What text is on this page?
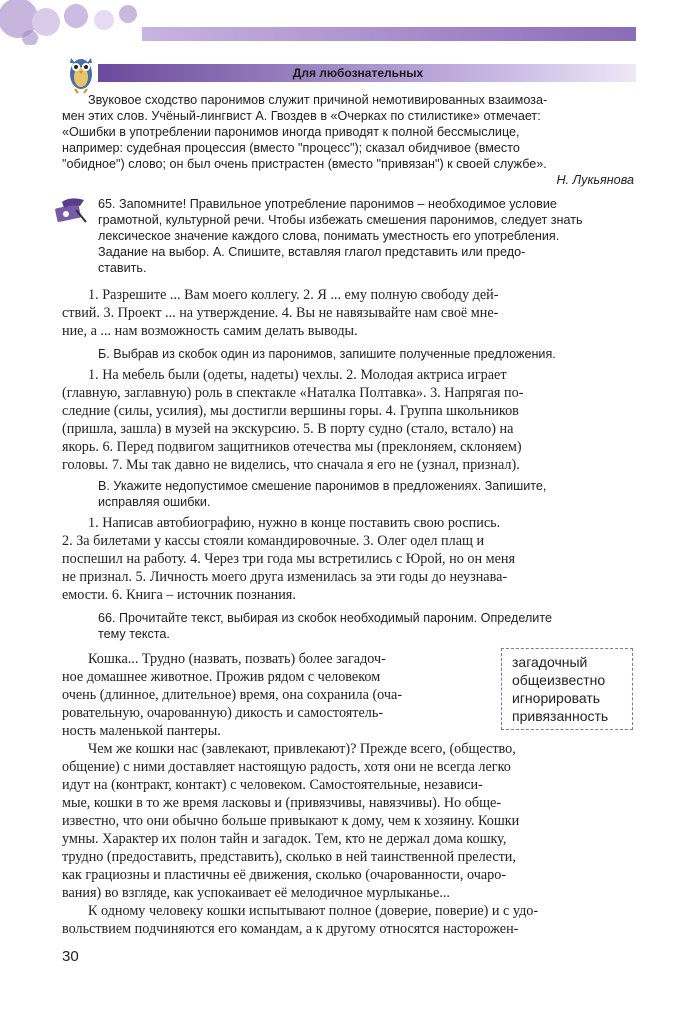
Для любознательных

Звуковое сходство паронимов служит причиной немотивированных взаимоза-

мен этих слов. Учёный-лингвист А. Гвоздев в «Очерках по стилистике» отмечает:

«Ошибки в употреблении паронимов иногда приводят к полной бессмыслице,

например: судебная процессия (вместо "процесс"); сказал обидчивое (вместо

"обидное") слово; он был очень пристрастен (вместо "привязан") к своей службе».

Н. Лукьянова

65. Запомните! Правильное употребление паронимов – необходимое условие

грамотной, культурной речи. Чтобы избежать смешения паронимов, следует знать

лексическое значение каждого слова, понимать уместность его употребления.

Задание на выбор. А. Спишите, вставляя глагол представить или предо-

ставить.

1. Разрешите ... Вам моего коллегу. 2. Я ... ему полную свободу дей-

ствий. 3. Проект ... на утверждение. 4. Вы не навязывайте нам своё мне-

ние, а ... нам возможность самим делать выводы.

Б. Выбрав из скобок один из паронимов, запишите полученные предложения.

1. На мебель были (одеты, надеты) чехлы. 2. Молодая актриса играет

(главную, заглавную) роль в спектакле «Наталка Полтавка». 3. Напрягая по-

следние (силы, усилия), мы достигли вершины горы. 4. Группа школьников

(пришла, зашла) в музей на экскурсию. 5. В порту судно (стало, встало) на

якорь. 6. Перед подвигом защитников отечества мы (преклоняем, склоняем)

головы. 7. Мы так давно не виделись, что сначала я его не (узнал, признал).

В. Укажите недопустимое смешение паронимов в предложениях. Запишите,

исправляя ошибки.

1. Написав автобиографию, нужно в конце поставить свою роспись.

2. За билетами у кассы стояли командировочные. 3. Олег одел плащ и

поспешил на работу. 4. Через три года мы встретились с Юрой, но он меня

не признал. 5. Личность моего друга изменилась за эти годы до неузнава-

емости. 6. Книга – источник познания.

66. Прочитайте текст, выбирая из скобок необходимый пароним. Определите

тему текста.

загадочный
общеизвестно
игнорировать
привязанность

Кошка... Трудно (назвать, позвать) более загадоч-

ное домашнее животное. Прожив рядом с человеком

очень (длинное, длительное) время, она сохранила (оча-

ровательную, очарованную) дикость и самостоятель-

ность маленькой пантеры.

Чем же кошки нас (завлекают, привлекают)? Прежде всего, (общество,

общение) с ними доставляет настоящую радость, хотя они не всегда легко

идут на (контракт, контакт) с человеком. Самостоятельные, независи-

мые, кошки в то же время ласковы и (привязчивы, навязчивы). Но обще-

известно, что они обычно больше привыкают к дому, чем к хозяину. Кошки

умны. Характер их полон тайн и загадок. Тем, кто не держал дома кошку,

трудно (предоставить, представить), сколько в ней таинственной прелести,

как грациозны и пластичны её движения, сколько (очарованности, очаро-

вания) во взгляде, как успокаивает её мелодичное мурлыканье...

К одному человеку кошки испытывают полное (доверие, поверие) и с удо-

вольствием подчиняются его командам, а к другому относятся насторожен-

30
